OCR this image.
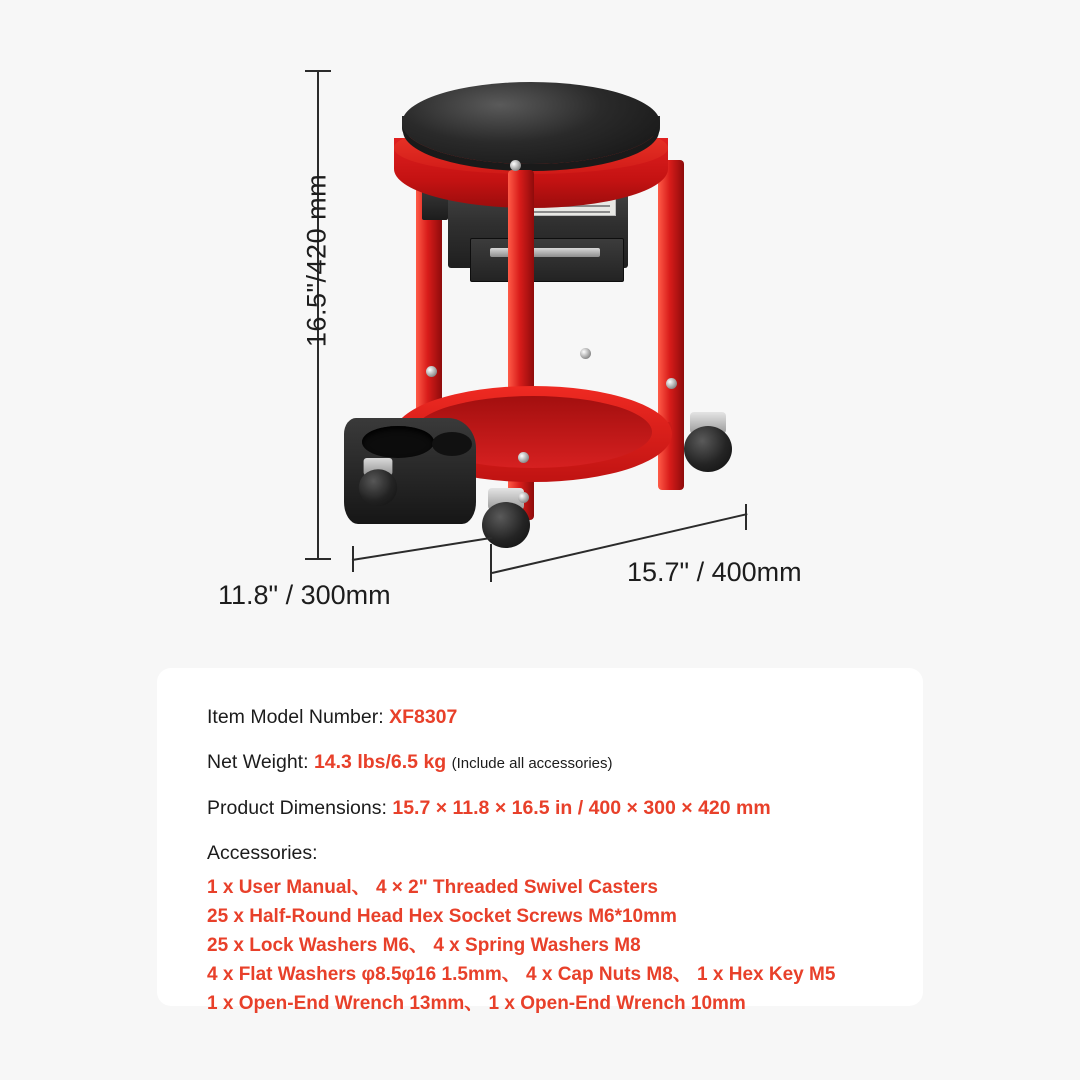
16.5"/420 mm
11.8" / 300mm
15.7" / 400mm
Item Model Number: XF8307
Net Weight: 14.3 lbs/6.5 kg (Include all accessories)
Product Dimensions: 15.7 × 11.8 × 16.5 in / 400 × 300 × 420 mm
Accessories:
1 x User Manual、 4 × 2" Threaded Swivel Casters
25 x Half-Round Head Hex Socket Screws M6*10mm
25 x Lock Washers M6、 4 x Spring Washers M8
4 x Flat Washers φ8.5φ16 1.5mm、 4 x Cap Nuts M8、 1 x Hex Key M5
1 x Open-End Wrench 13mm、 1 x Open-End Wrench 10mm
